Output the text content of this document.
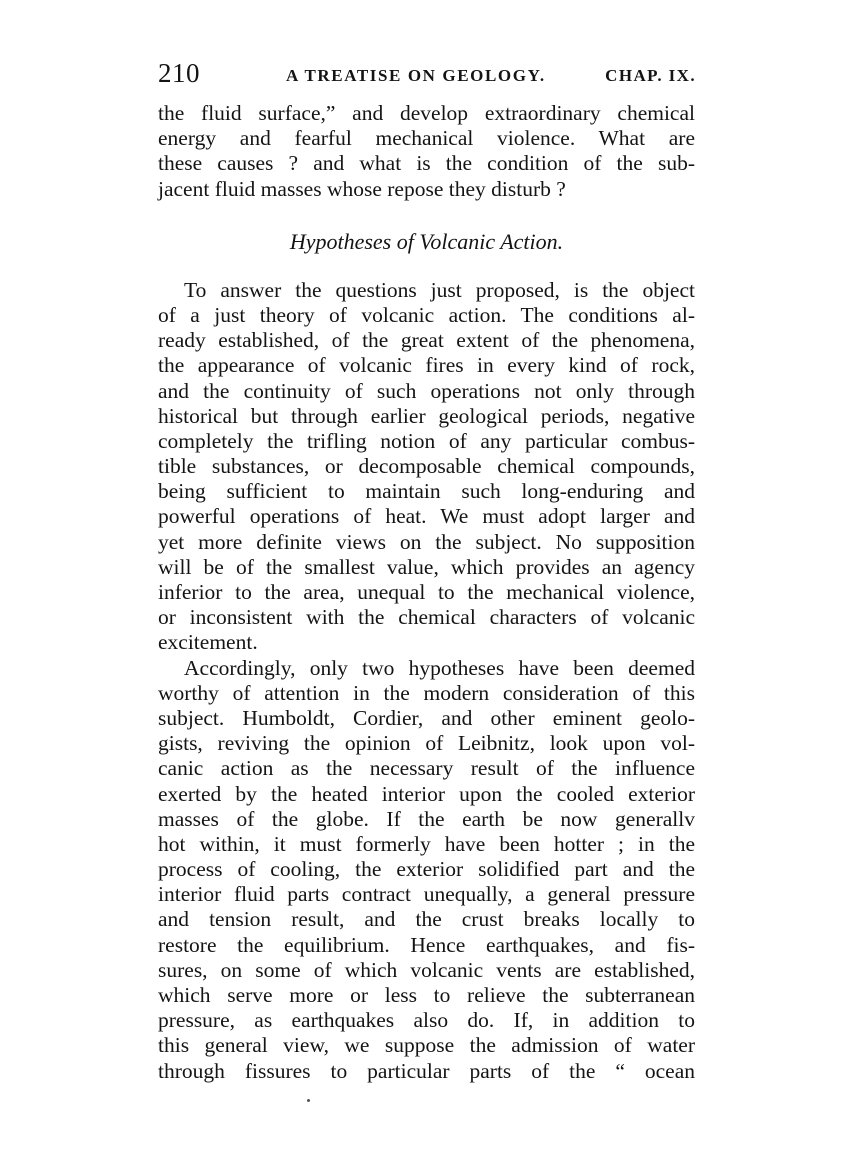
210	A TREATISE ON GEOLOGY.	CHAP. IX.
the fluid surface,” and develop extraordinary chemical
energy and fearful mechanical violence. What are
these causes ? and what is the condition of the sub-
jacent fluid masses whose repose they disturb ?
Hypotheses of Volcanic Action.
To answer the questions just proposed, is the object
of a just theory of volcanic action. The conditions al-
ready established, of the great extent of the phenomena,
the appearance of volcanic fires in every kind of rock,
and the continuity of such operations not only through
historical but through earlier geological periods, negative
completely the trifling notion of any particular combus-
tible substances, or decomposable chemical compounds,
being sufficient to maintain such long-enduring and
powerful operations of heat. We must adopt larger and
yet more definite views on the subject. No supposition
will be of the smallest value, which provides an agency
inferior to the area, unequal to the mechanical violence,
or inconsistent with the chemical characters of volcanic
excitement.
Accordingly, only two hypotheses have been deemed
worthy of attention in the modern consideration of this
subject. Humboldt, Cordier, and other eminent geolo-
gists, reviving the opinion of Leibnitz, look upon vol-
canic action as the necessary result of the influence
exerted by the heated interior upon the cooled exterior
masses of the globe. If the earth be now generallv
hot within, it must formerly have been hotter ; in the
process of cooling, the exterior solidified part and the
interior fluid parts contract unequally, a general pressure
and tension result, and the crust breaks locally to
restore the equilibrium. Hence earthquakes, and fis-
sures, on some of which volcanic vents are established,
which serve more or less to relieve the subterranean
pressure, as earthquakes also do. If, in addition to
this general view, we suppose the admission of water
through fissures to particular parts of the “ ocean
